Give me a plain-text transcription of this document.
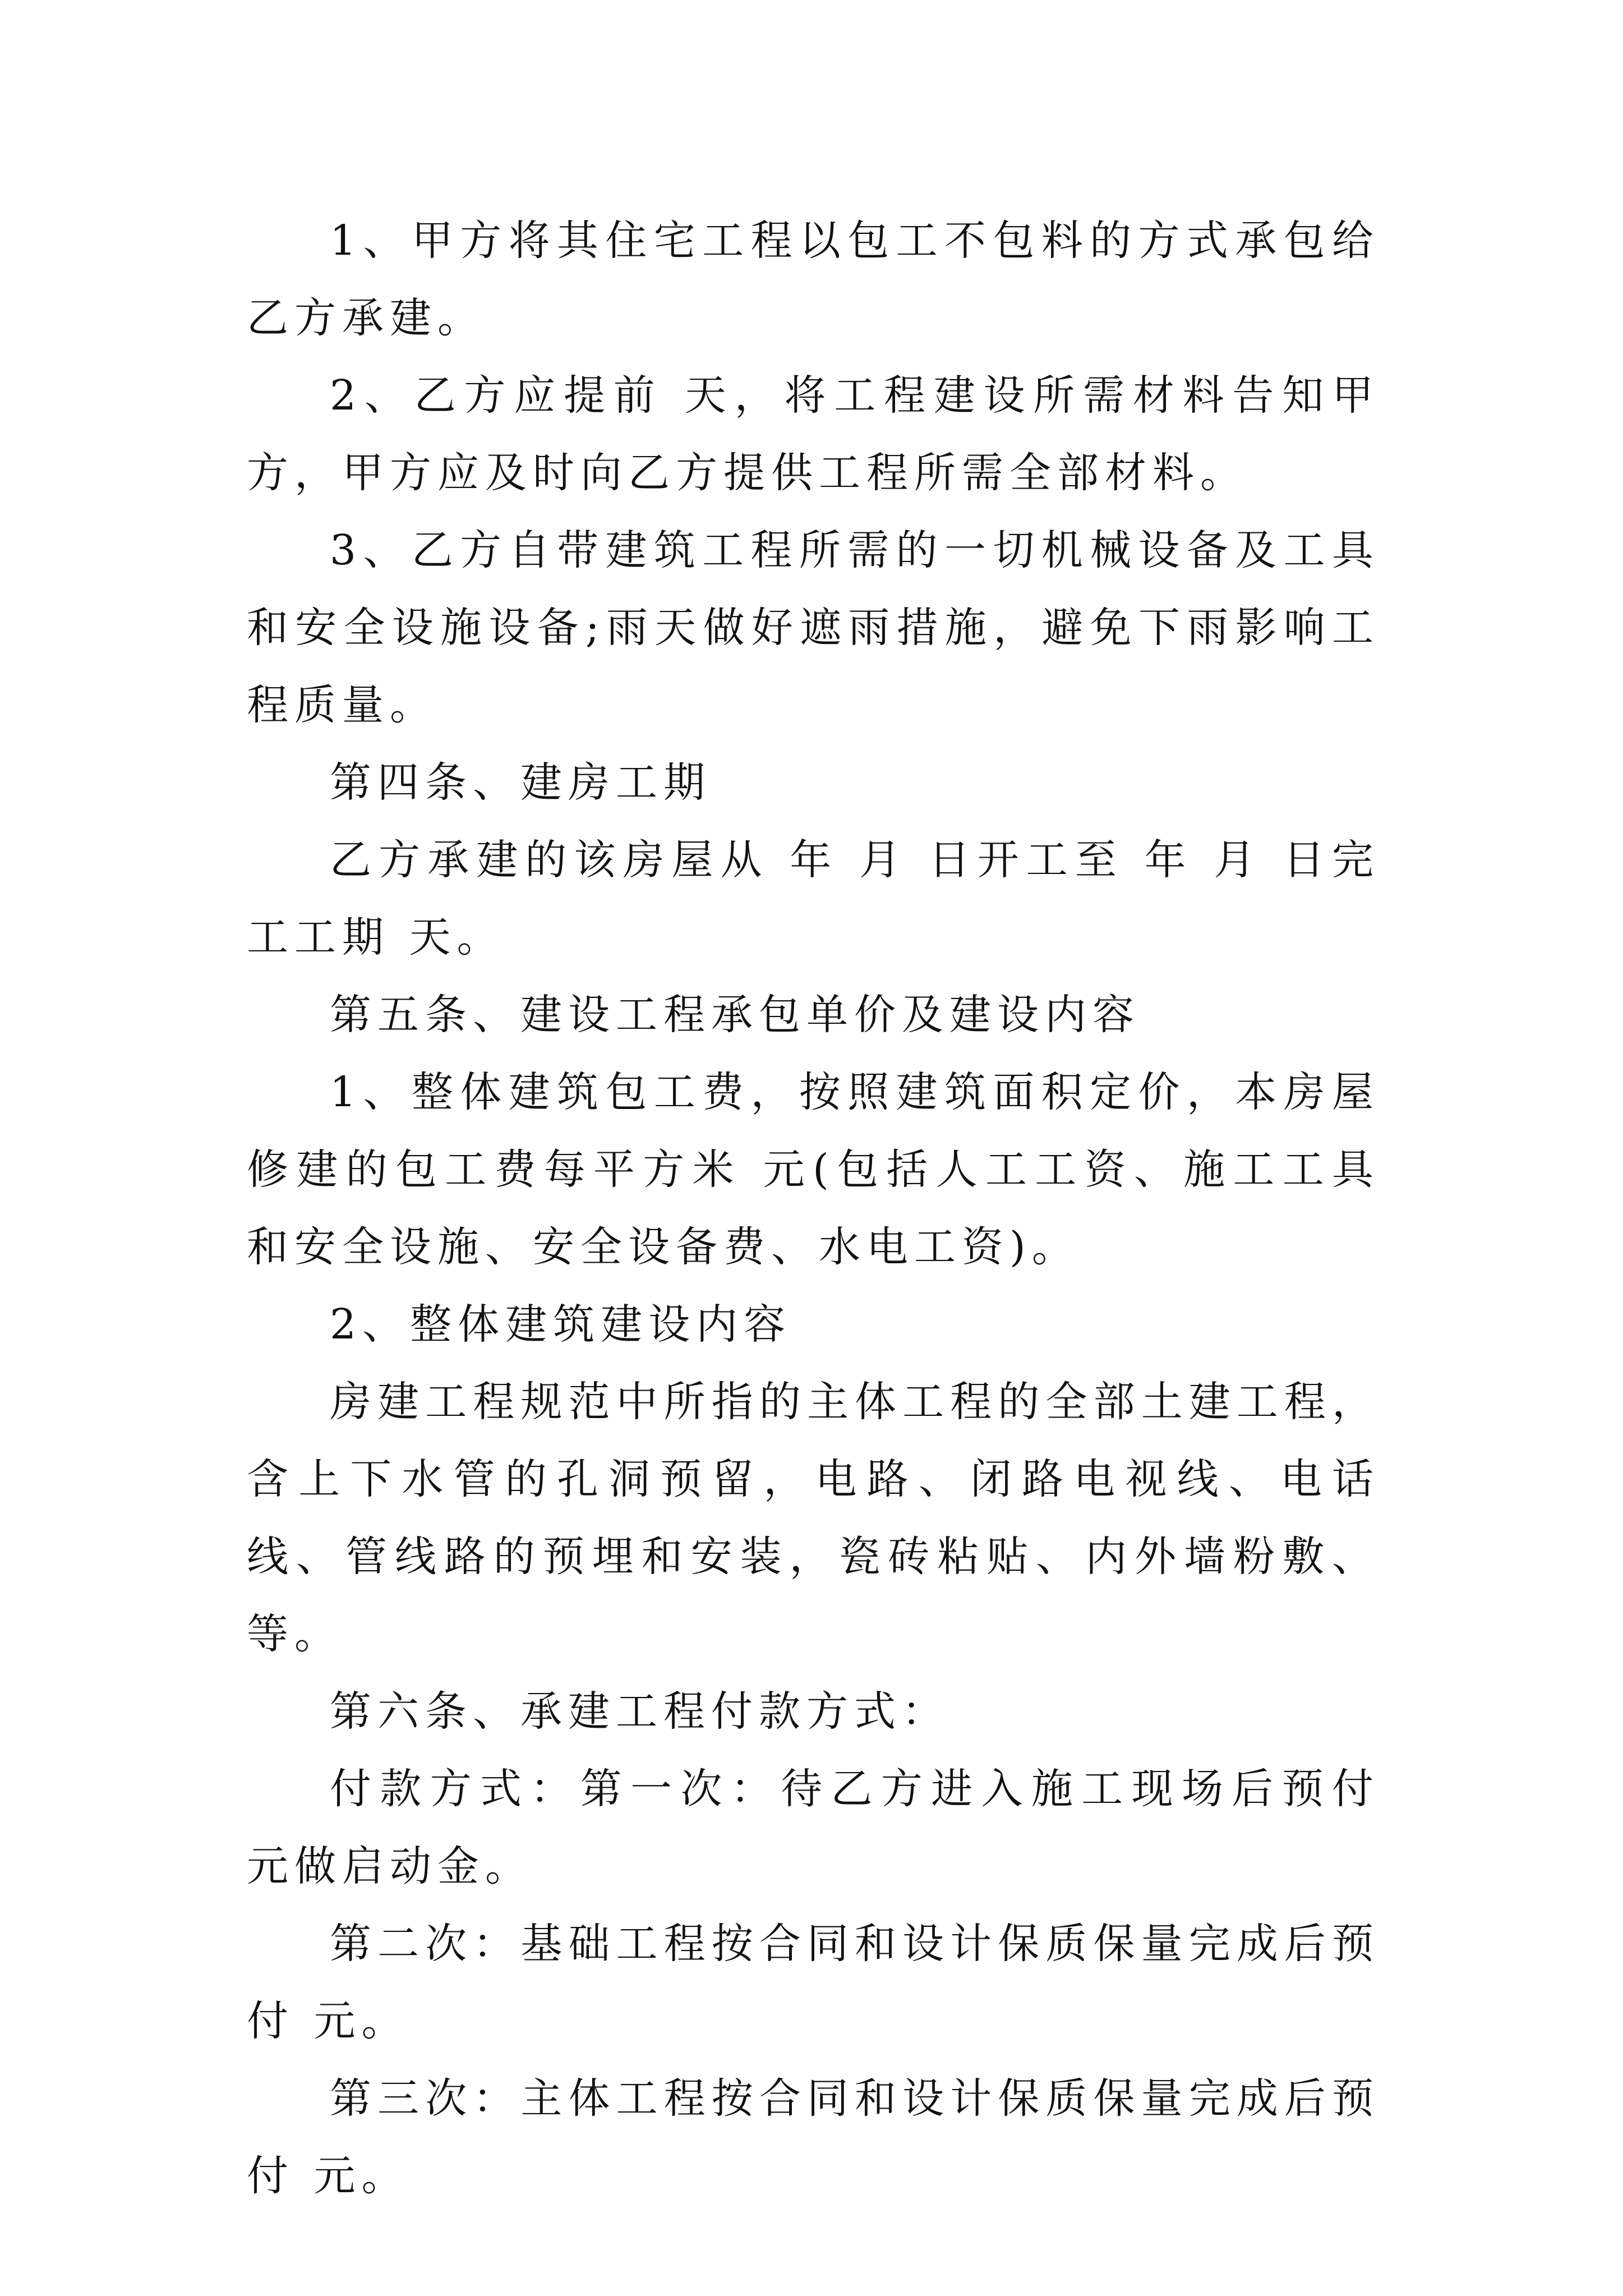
1、甲方将其住宅工程以包工不包料的方式承包给乙方承建。

2、乙方应提前 天，将工程建设所需材料告知甲方，甲方应及时向乙方提供工程所需全部材料。

3、乙方自带建筑工程所需的一切机械设备及工具和安全设施设备;雨天做好遮雨措施，避免下雨影响工程质量。

第四条、建房工期

乙方承建的该房屋从 年 月 日开工至 年 月 日完工工期 天。

第五条、建设工程承包单价及建设内容

1、整体建筑包工费，按照建筑面积定价，本房屋修建的包工费每平方米 元(包括人工工资、施工工具和安全设施、安全设备费、水电工资)。

2、整体建筑建设内容

房建工程规范中所指的主体工程的全部土建工程，含上下水管的孔洞预留，电路、闭路电视线、电话线、管线路的预埋和安装，瓷砖粘贴、内外墙粉敷、 等。

第六条、承建工程付款方式：

付款方式：第一次：待乙方进入施工现场后预付 元做启动金。

第二次：基础工程按合同和设计保质保量完成后预付 元。

第三次：主体工程按合同和设计保质保量完成后预付 元。
